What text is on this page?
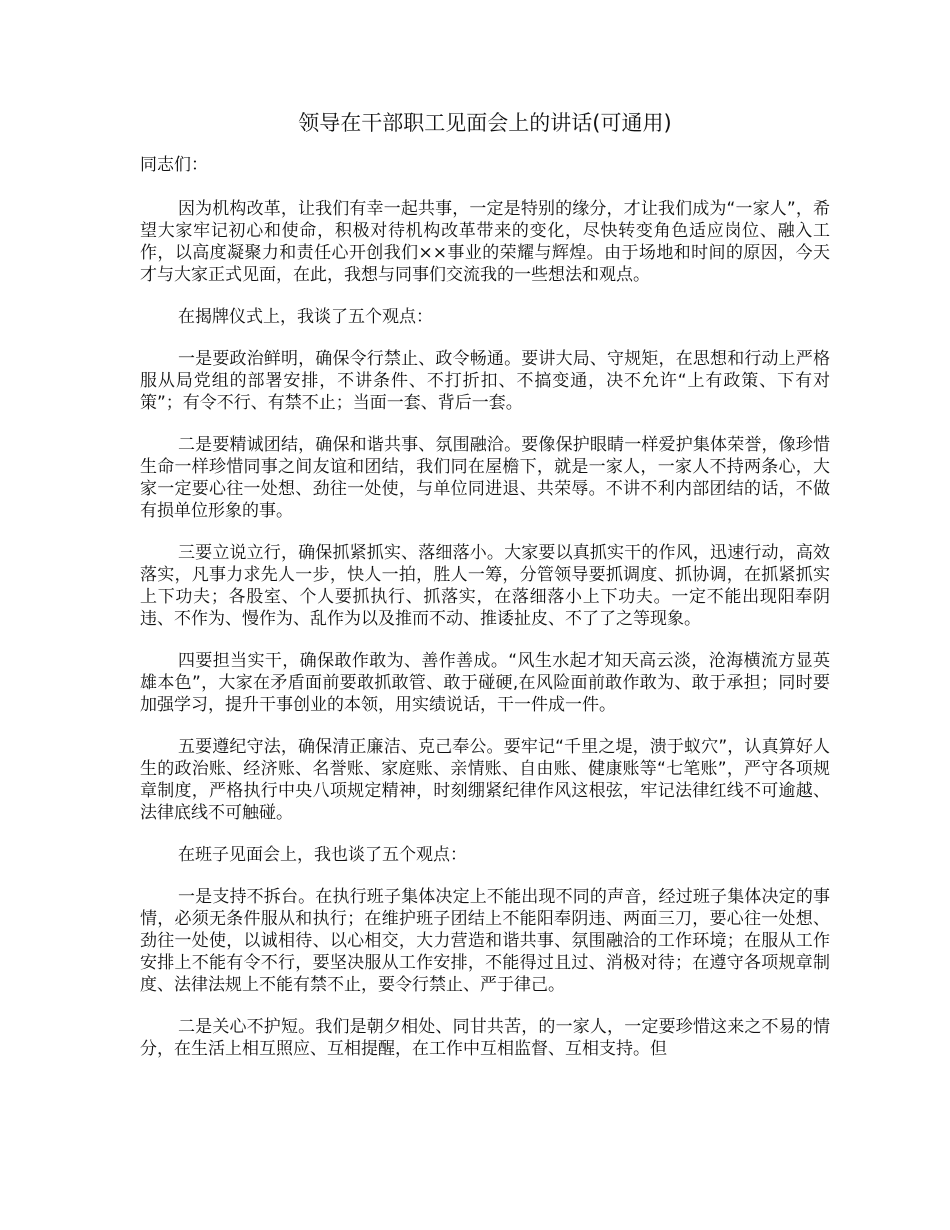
领导在干部职工见面会上的讲话(可通用)
同志们：

因为机构改革，让我们有幸一起共事，一定是特别的缘分，才让我们成为“一家人”，希望大家牢记初心和使命，积极对待机构改革带来的变化，尽快转变角色适应岗位、融入工作，以高度凝聚力和责任心开创我们××事业的荣耀与辉煌。由于场地和时间的原因，今天才与大家正式见面，在此，我想与同事们交流我的一些想法和观点。

在揭牌仪式上，我谈了五个观点：

一是要政治鲜明，确保令行禁止、政令畅通。要讲大局、守规矩，在思想和行动上严格服从局党组的部署安排，不讲条件、不打折扣、不搞变通，决不允许“上有政策、下有对策”；有令不行、有禁不止；当面一套、背后一套。

二是要精诚团结，确保和谐共事、氛围融洽。要像保护眼睛一样爱护集体荣誉，像珍惜生命一样珍惜同事之间友谊和团结，我们同在屋檐下，就是一家人，一家人不持两条心，大家一定要心往一处想、劲往一处使，与单位同进退、共荣辱。不讲不利内部团结的话，不做有损单位形象的事。

三要立说立行，确保抓紧抓实、落细落小。大家要以真抓实干的作风，迅速行动，高效落实，凡事力求先人一步，快人一拍，胜人一筹，分管领导要抓调度、抓协调，在抓紧抓实上下功夫；各股室、个人要抓执行、抓落实，在落细落小上下功夫。一定不能出现阳奉阴违、不作为、慢作为、乱作为以及推而不动、推诿扯皮、不了了之等现象。

四要担当实干，确保敢作敢为、善作善成。“风生水起才知天高云淡，沧海横流方显英雄本色”，大家在矛盾面前要敢抓敢管、敢于碰硬,在风险面前敢作敢为、敢于承担；同时要加强学习，提升干事创业的本领，用实绩说话，干一件成一件。

五要遵纪守法，确保清正廉洁、克己奉公。要牢记“千里之堤，溃于蚁穴”，认真算好人生的政治账、经济账、名誉账、家庭账、亲情账、自由账、健康账等“七笔账”，严守各项规章制度，严格执行中央八项规定精神，时刻绷紧纪律作风这根弦，牢记法律红线不可逾越、法律底线不可触碰。

在班子见面会上，我也谈了五个观点：

一是支持不拆台。在执行班子集体决定上不能出现不同的声音，经过班子集体决定的事情，必须无条件服从和执行；在维护班子团结上不能阳奉阴违、两面三刀，要心往一处想、劲往一处使，以诚相待、以心相交，大力营造和谐共事、氛围融洽的工作环境；在服从工作安排上不能有令不行，要坚决服从工作安排，不能得过且过、消极对待；在遵守各项规章制度、法律法规上不能有禁不止，要令行禁止、严于律己。

二是关心不护短。我们是朝夕相处、同甘共苦，的一家人，一定要珍惜这来之不易的情分，在生活上相互照应、互相提醒，在工作中互相监督、互相支持。但
